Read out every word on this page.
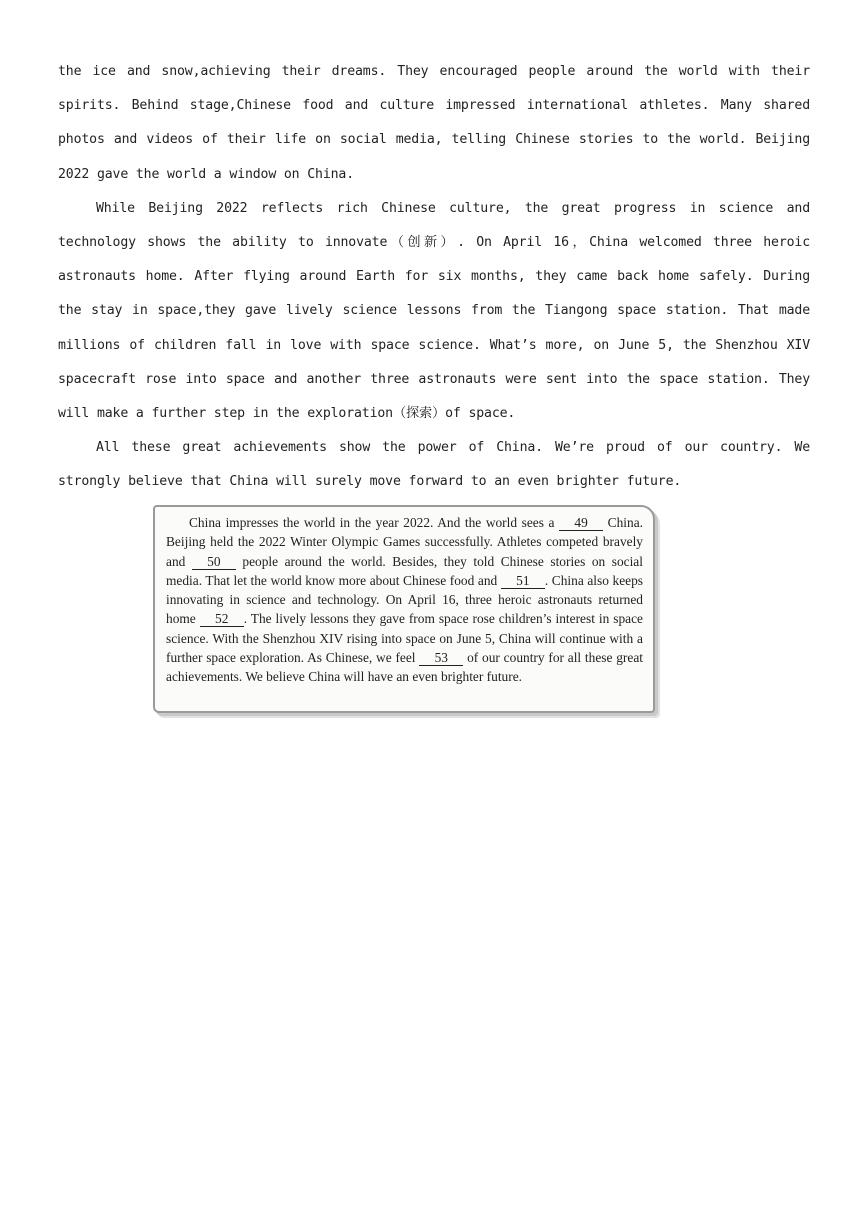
the ice and snow,achieving their dreams. They encouraged people around the world with their spirits. Behind stage,Chinese food and culture impressed international athletes. Many shared photos and videos of their life on social media, telling Chinese stories to the world. Beijing 2022 gave the world a window on China.

While Beijing 2022 reflects rich Chinese culture, the great progress in science and technology shows the ability to innovate（创新）. On April 16，China welcomed three heroic astronauts home. After flying around Earth for six months, they came back home safely. During the stay in space,they gave lively science lessons from the Tiangong space station. That made millions of children fall in love with space science. What’s more, on June 5, the Shenzhou XIV spacecraft rose into space and another three astronauts were sent into the space station. They will make a further step in the exploration（探索）of space.

All these great achievements show the power of China. We’re proud of our country. We strongly believe that China will surely move forward to an even brighter future.

China impresses the world in the year 2022. And the world sees a 49 China. Beijing held the 2022 Winter Olympic Games successfully. Athletes competed bravely and 50 people around the world. Besides, they told Chinese stories on social media. That let the world know more about Chinese food and 51 . China also keeps innovating in science and technology. On April 16, three heroic astronauts returned home 52 . The lively lessons they gave from space rose children’s interest in space science. With the Shenzhou XIV rising into space on June 5, China will continue with a further space exploration. As Chinese, we feel 53 of our country for all these great achievements. We believe China will have an even brighter future.
